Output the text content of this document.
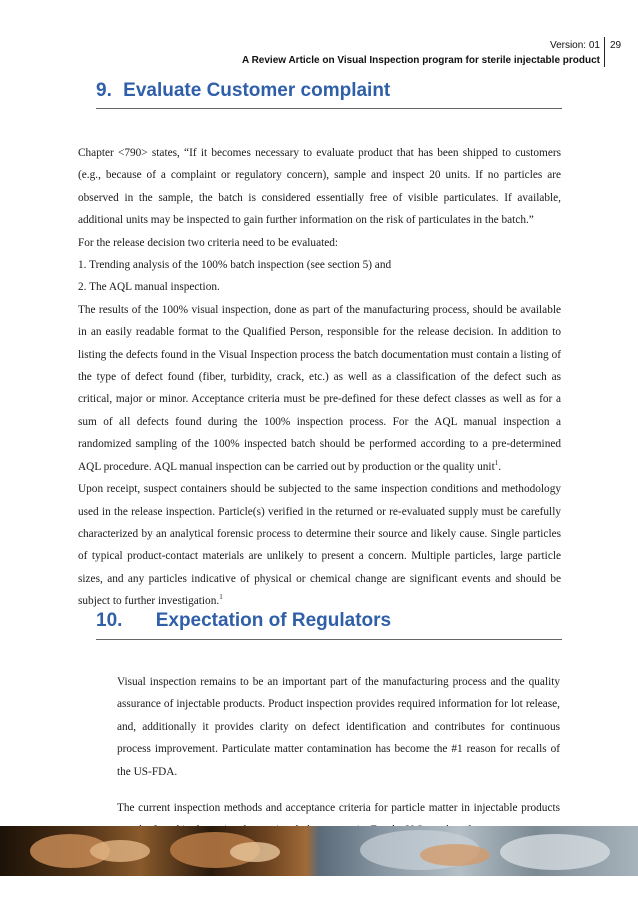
Version: 01
A Review Article on Visual Inspection program for sterile injectable product
29
9. Evaluate Customer complaint

Chapter <790> states, “If it becomes necessary to evaluate product that has been shipped to customers (e.g., because of a complaint or regulatory concern), sample and inspect 20 units. If no particles are observed in the sample, the batch is considered essentially free of visible particulates. If available, additional units may be inspected to gain further information on the risk of particulates in the batch.”

For the release decision two criteria need to be evaluated:

1. Trending analysis of the 100% batch inspection (see section 5) and

2. The AQL manual inspection.

The results of the 100% visual inspection, done as part of the manufacturing process, should be available in an easily readable format to the Qualified Person, responsible for the release decision. In addition to listing the defects found in the Visual Inspection process the batch documentation must contain a listing of the type of defect found (fiber, turbidity, crack, etc.) as well as a classification of the defect such as critical, major or minor. Acceptance criteria must be pre-defined for these defect classes as well as for a sum of all defects found during the 100% inspection process. For the AQL manual inspection a randomized sampling of the 100% inspected batch should be performed according to a pre-determined AQL procedure. AQL manual inspection can be carried out by production or the quality unit$^1$.

Upon receipt, suspect containers should be subjected to the same inspection conditions and methodology used in the release inspection. Particle(s) verified in the returned or re-evaluated supply must be carefully characterized by an analytical forensic process to determine their source and likely cause. Single particles of typical product-contact materials are unlikely to present a concern. Multiple particles, large particle sizes, and any particles indicative of physical or chemical change are significant events and should be subject to further investigation.$^1$

10. Expectation of Regulators

Visual inspection remains to be an important part of the manufacturing process and the quality assurance of injectable products. Product inspection provides required information for lot release, and, additionally it provides clarity on defect identification and contributes for continuous process improvement. Particulate matter contamination has become the #1 reason for recalls of the US-FDA.

The current inspection methods and acceptance criteria for particle matter in injectable products
